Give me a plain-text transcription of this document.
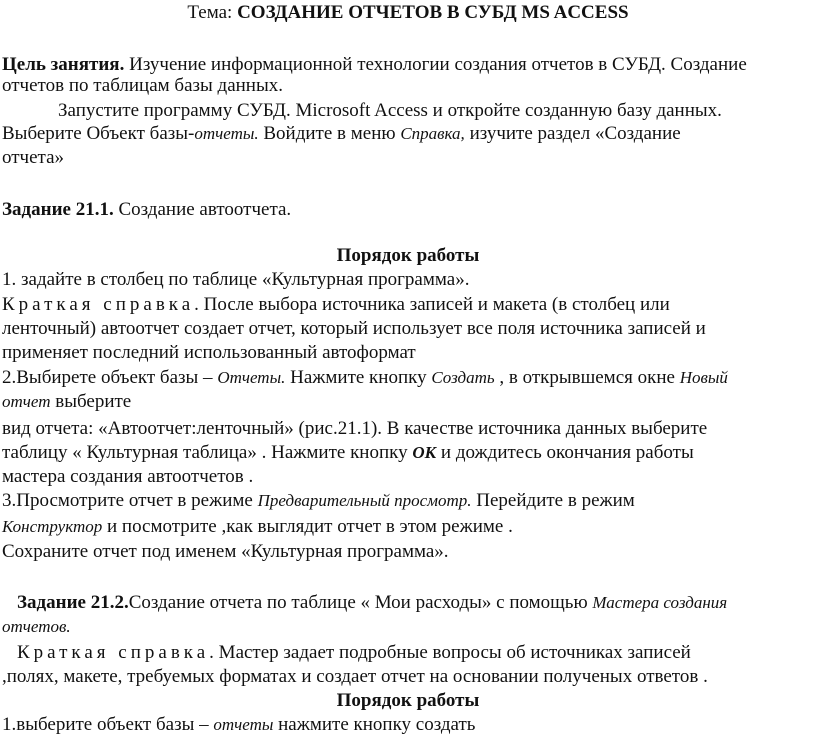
Тема: СОЗДАНИЕ ОТЧЕТОВ В СУБД MS ACCESS
Цель занятия. Изучение информационной технологии создания отчетов в СУБД. Создание
отчетов по таблицам базы данных.
Запустите программу СУБД. Microsoft Access и откройте созданную базу данных.
Выберите Объект базы-отчеты. Войдите в меню Справка, изучите раздел «Создание
отчета»
Задание 21.1. Создание автоотчета.
Порядок работы
1. задайте в столбец по таблице «Культурная программа».
Краткая справка. После выбора источника записей и макета (в столбец или
ленточный) автоотчет создает отчет, который использует все поля источника записей и
применяет последний использованный автоформат
2.Выбирете объект базы – Отчеты. Нажмите кнопку Создать , в открывшемся окне Новый
отчет выберите
вид отчета: «Автоотчет:ленточный» (рис.21.1). В качестве источника данных выберите
таблицу « Культурная таблица» . Нажмите кнопку ОК и дождитесь окончания работы
мастера создания автоотчетов .
3.Просмотрите отчет в режиме Предварительный просмотр. Перейдите в режим
Конструктор и посмотрите ,как выглядит отчет в этом режиме .
Сохраните отчет под именем «Культурная программа».
Задание 21.2.Создание отчета по таблице « Мои расходы» с помощью Мастера создания
отчетов.
Краткая справка. Мастер задает подробные вопросы об источниках записей
,полях, макете, требуемых форматах и создает отчет на основании полученых ответов .
Порядок работы
1.выберите объект базы – отчеты нажмите кнопку создать
